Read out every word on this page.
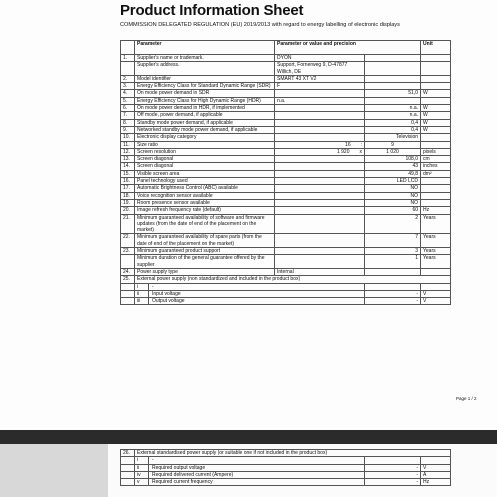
Product Information Sheet
COMMISSION DELEGATED REGULATION (EU) 2019/2013 with regard to energy labelling of electronic displays
	Parameter	Parameter or value and precision		Unit
1.	Supplier's name or trademark.	DYON		
	Supplier's address.	Support, Fornerweg 9, D-47877 Willich, DE		
2.	Model identifier	SMART 43 XT V2		
3.	Energy Efficiency Class for Standard Dynamic Range (SDR)	F		
4.	On mode power demand in SDR		51,0	W
5.	Energy Efficiency Class for High Dynamic Range (HDR)	n.a.		
6.	On mode power demand in HDR, if implemented		n.a.	W
7.	Off mode, power demand, if applicable		n.a.	W
8.	Standby mode power demand, if applicable		0,4	W
9.	Networked standby mode power demand, if applicable		0,4	W
10.	Electronic display category		Television	
11.	Size ratio	16 :	9	
12.	Screen resolution	1 920 x	1 020	pixels
13.	Screen diagonal		108,0	cm
14.	Screen diagonal		43	inches
15.	Visible screen area		49,8	dm²
16.	Panel technology used		LED LCD	
17.	Automatic Brightness Control (ABC) available		NO	
18.	Voice recognition sensor available		NO	
19.	Room presence sensor available		NO	
20.	Image refresh frequency rate (default)		60	Hz
21.	Minimum guaranteed availability of software and firmware updates (from the date of end of the placement on the market)		2	Years
22.	Minimum guaranteed availability of spare parts (from the date of end of the placement on the market)		7	Years
23.	Minimum guaranteed product support		3	Years
	Minimum duration of the general guarantee offered by the supplier		1	Years
24.	Power supply type	Internal		
25.	External power supply (non standardized and included in the product box)			
	i -			
	ii Input voltage		-	V
	iii Output voltage		-	V
Page 1 / 2
26.	External standardised power supply (or suitable one if not included in the product box)		
	i -		
	ii Required output voltage	-	V
	iv Required delivered current (Ampere)	-	A
	v Required current frequency	-	Hz
